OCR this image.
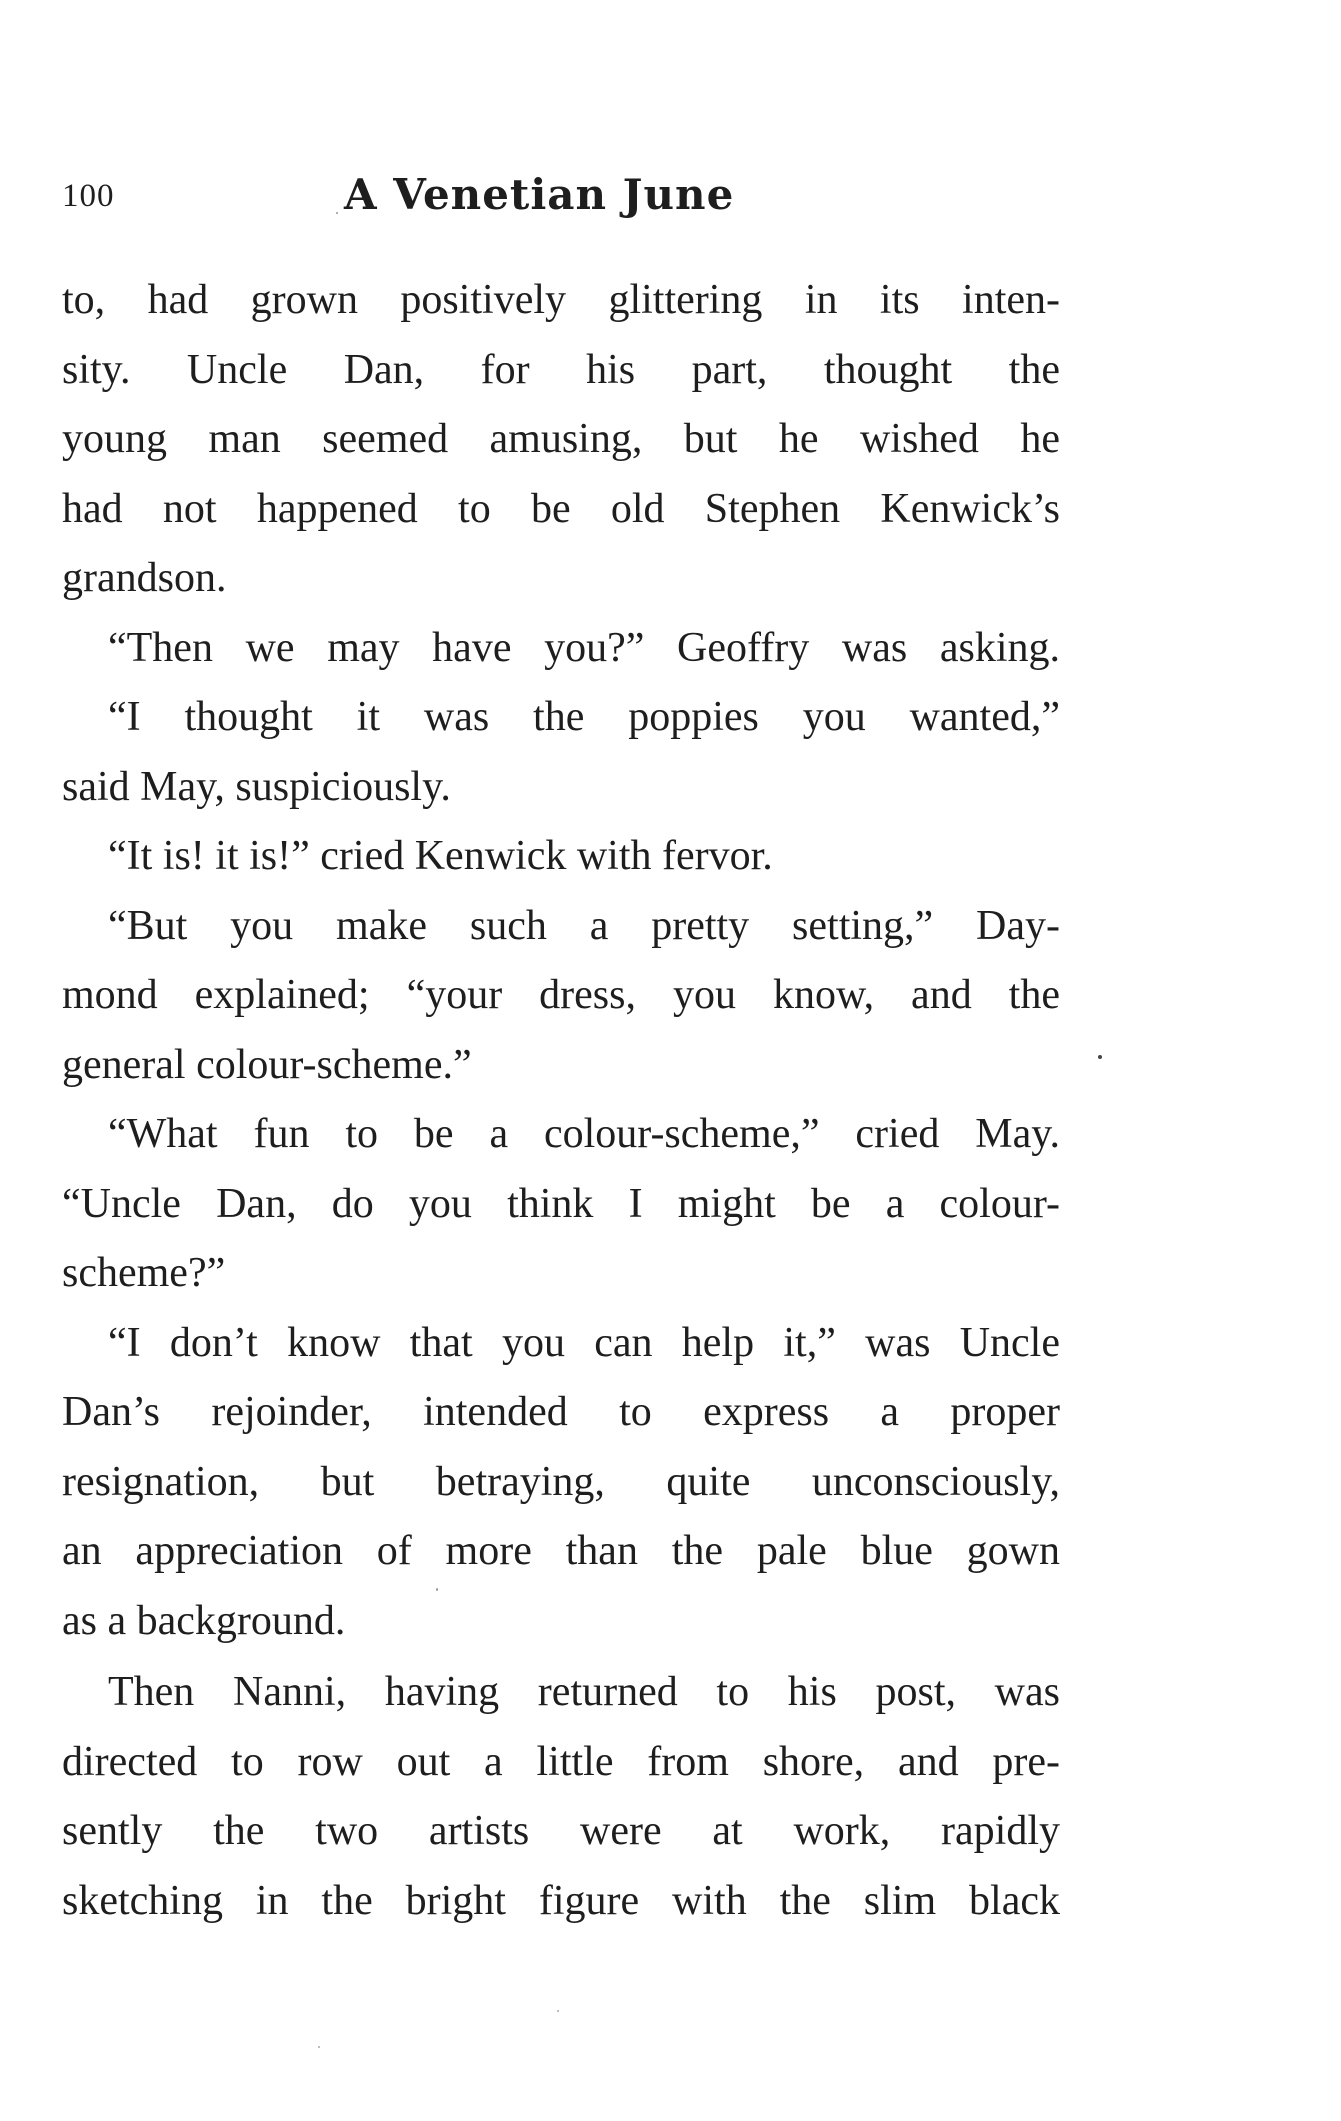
100	A Venetian June
to, had grown positively glittering in its inten-
sity. Uncle Dan, for his part, thought the
young man seemed amusing, but he wished he
had not happened to be old Stephen Kenwick’s
grandson.
“Then we may have you?” Geoffry was asking.
“I thought it was the poppies you wanted,”
said May, suspiciously.
“It is! it is!” cried Kenwick with fervor.
“But you make such a pretty setting,” Day-
mond explained; “your dress, you know, and the
general colour-scheme.”
“What fun to be a colour-scheme,” cried May.
“Uncle Dan, do you think I might be a colour-
scheme?”
“I don’t know that you can help it,” was Uncle
Dan’s rejoinder, intended to express a proper
resignation, but betraying, quite unconsciously,
an appreciation of more than the pale blue gown
as a background.
Then Nanni, having returned to his post, was
directed to row out a little from shore, and pre-
sently the two artists were at work, rapidly
sketching in the bright figure with the slim black
